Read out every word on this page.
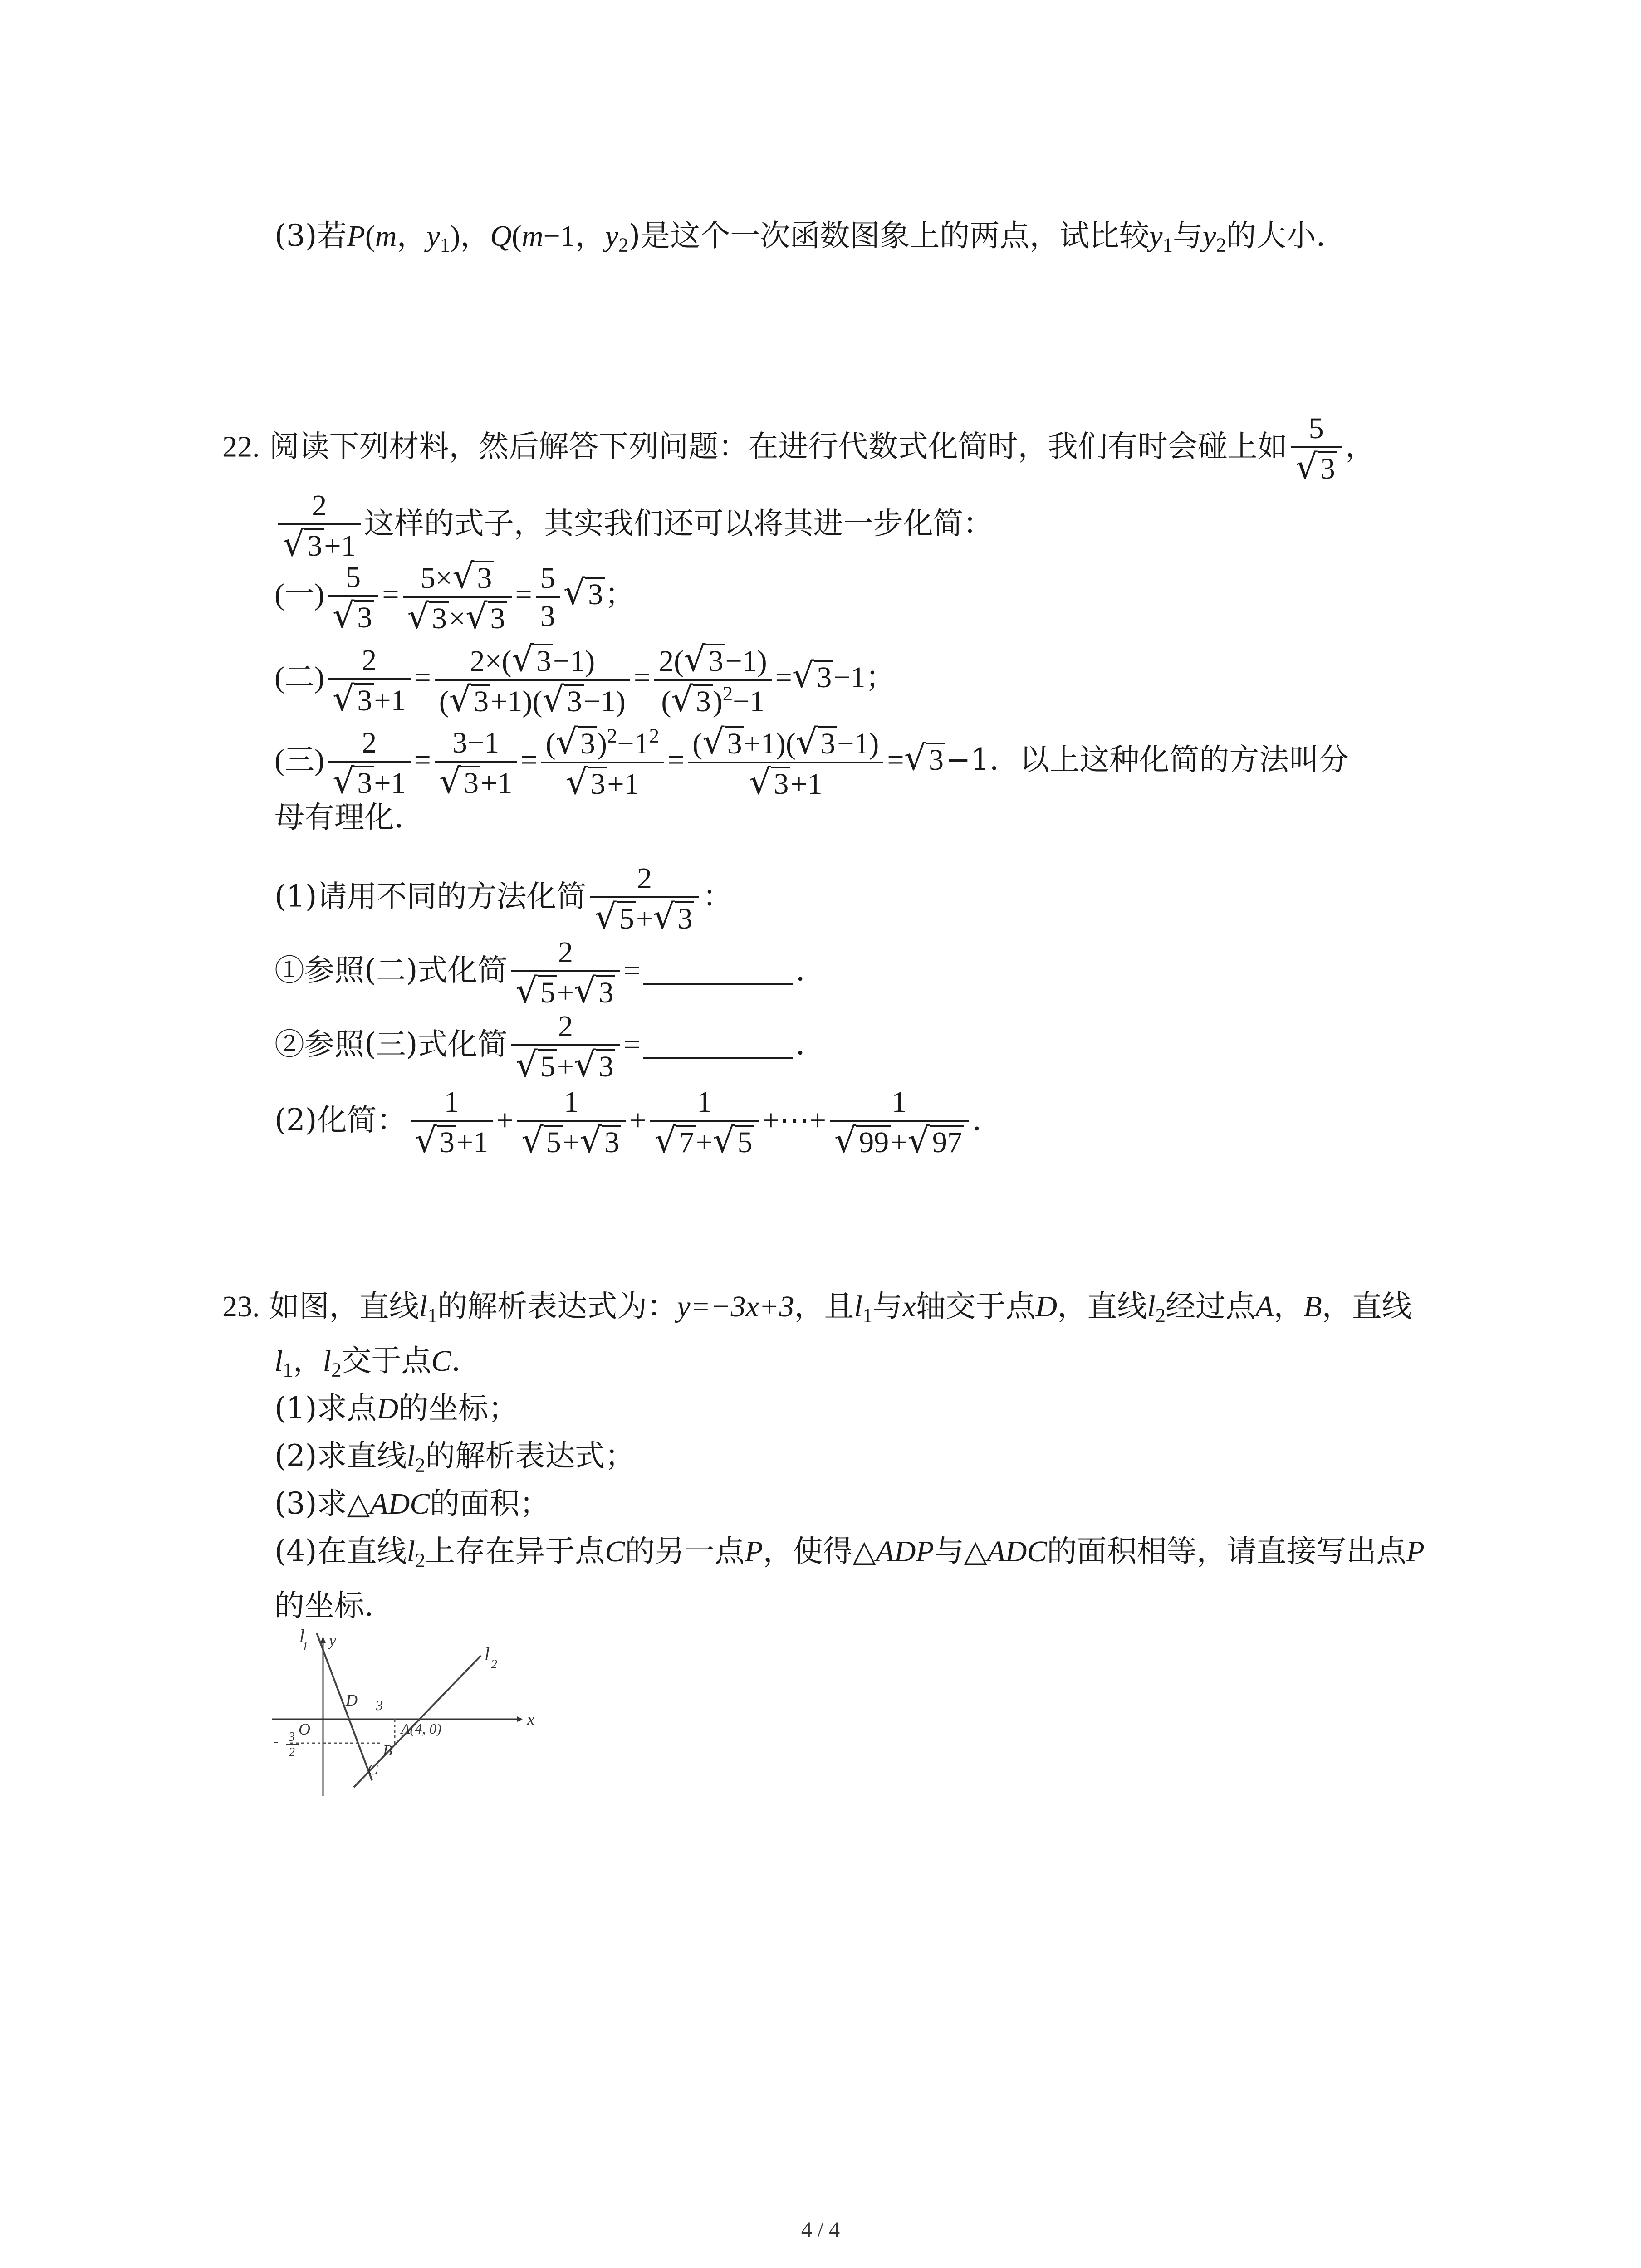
(3)若P(m，$y_1$)，Q(m−1，$y_2$)是这个一次函数图象上的两点，试比较$y_1$与$y_2$的大小．
22. 阅读下列材料，然后解答下列问题：在进行代数式化简时，我们有时会碰上如 $\frac{5}{√3}$ ，
$\frac{2}{√3+1}$ 这样的式子，其实我们还可以将其进一步化简：
(一) $\frac{5}{√3} = \frac{5\times√3}{√3\times√3} = \frac{5}{3} √3$；
(二) $\frac{2}{√3+1} = \frac{2\times(√3-1)}{(√3+1)(√3-1)} = \frac{2(√3-1)}{(√3)^2-1} =√3-1$；
(三) $\frac{2}{√3+1} = \frac{3-1}{√3+1} = \frac{(√3)^2-1^2}{√3+1} = \frac{(√3+1)(√3-1)}{√3+1} =√3-1$．以上这种化简的方法叫分
母有理化．
(1)请用不同的方法化简 $\frac{2}{√5+√3}$ ：
①参照(二)式化简 $\frac{2}{√5+√3}$ =	．
②参照(三)式化简 $\frac{2}{√5+√3}$ =	．
(2)化简： $\frac{1}{√3+1} + \frac{1}{√5+√3} + \frac{1}{√7+√5}$ +⋯+ $\frac{1}{√99+√97}$ ．
23. 如图，直线$l_1$的解析表达式为：y=−3x+3，且$l_1$与x轴交于点D，直线$l_2$经过点A，B，直线
$l_1$，$l_2$交于点C．
(1)求点D的坐标；
(2)求直线$l_2$的解析表达式；
(3)求△ADC的面积；
(4)在直线$l_2$上存在异于点C的另一点P，使得△ADP与△ADC的面积相等，请直接写出点P
的坐标．
l
1 y
l
2
D 3
x
O	A(4, 0)
- 3
2	B
C
4 / 4
